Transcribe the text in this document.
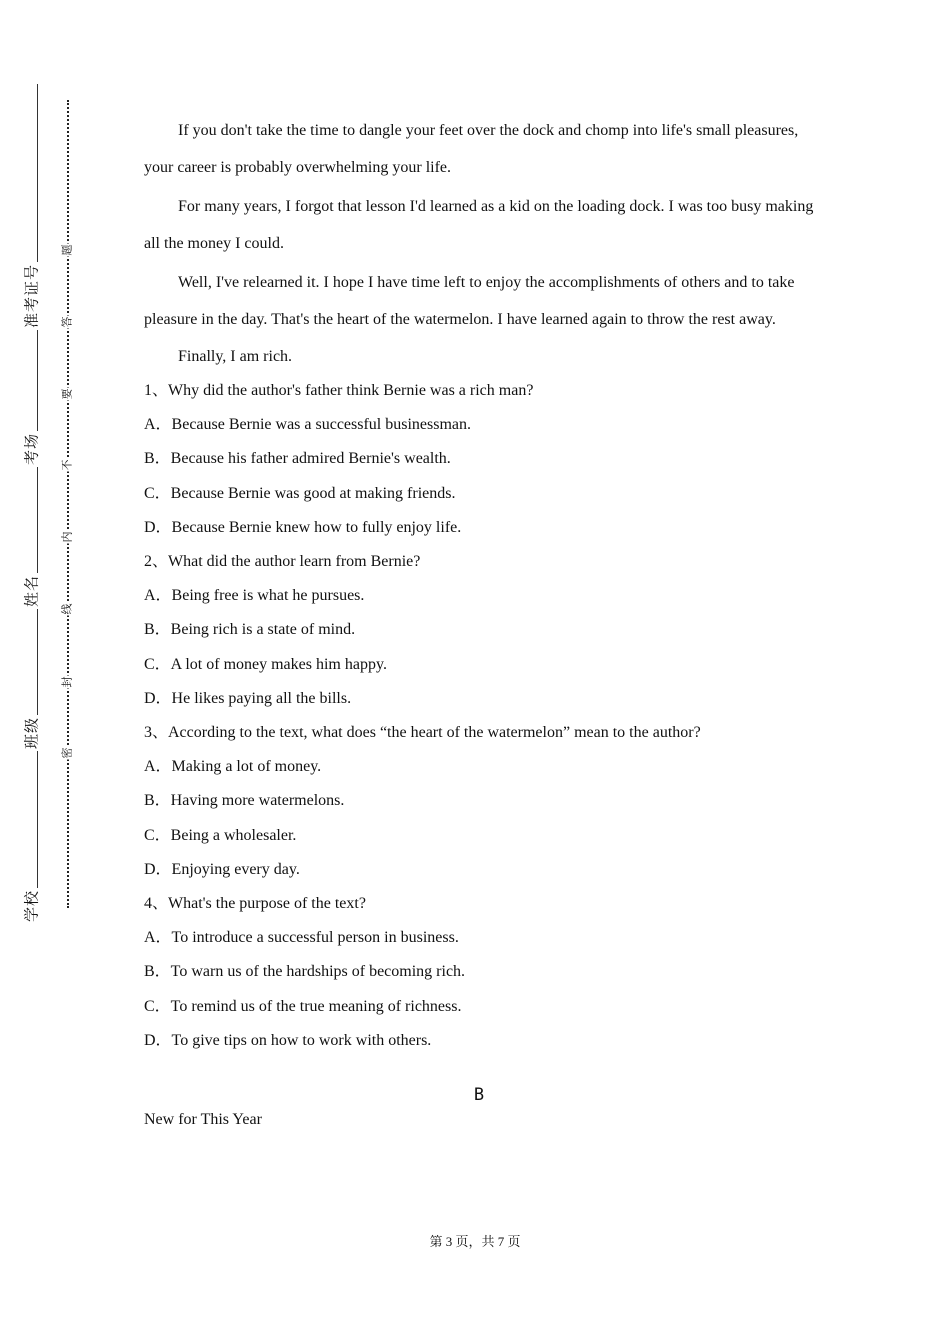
准考证号
考场
姓名
班级
学校
题
答
要
不
内
线
封
密

If you don't take the time to dangle your feet over the dock and chomp into life's small pleasures, your career is probably overwhelming your life.

For many years, I forgot that lesson I'd learned as a kid on the loading dock. I was too busy making all the money I could.

Well, I've relearned it. I hope I have time left to enjoy the accomplishments of others and to take pleasure in the day. That's the heart of the watermelon. I have learned again to throw the rest away.

Finally, I am rich.

1、Why did the author's father think Bernie was a rich man?

A．Because Bernie was a successful businessman.

B．Because his father admired Bernie's wealth.

C．Because Bernie was good at making friends.

D．Because Bernie knew how to fully enjoy life.

2、What did the author learn from Bernie?

A．Being free is what he pursues.

B．Being rich is a state of mind.

C．A lot of money makes him happy.

D．He likes paying all the bills.

3、According to the text, what does “the heart of the watermelon” mean to the author?

A．Making a lot of money.

B．Having more watermelons.

C．Being a wholesaler.

D．Enjoying every day.

4、What's the purpose of the text?

A．To introduce a successful person in business.

B．To warn us of the hardships of becoming rich.

C．To remind us of the true meaning of richness.

D．To give tips on how to work with others.

B

New for This Year

第 3 页，共 7 页
